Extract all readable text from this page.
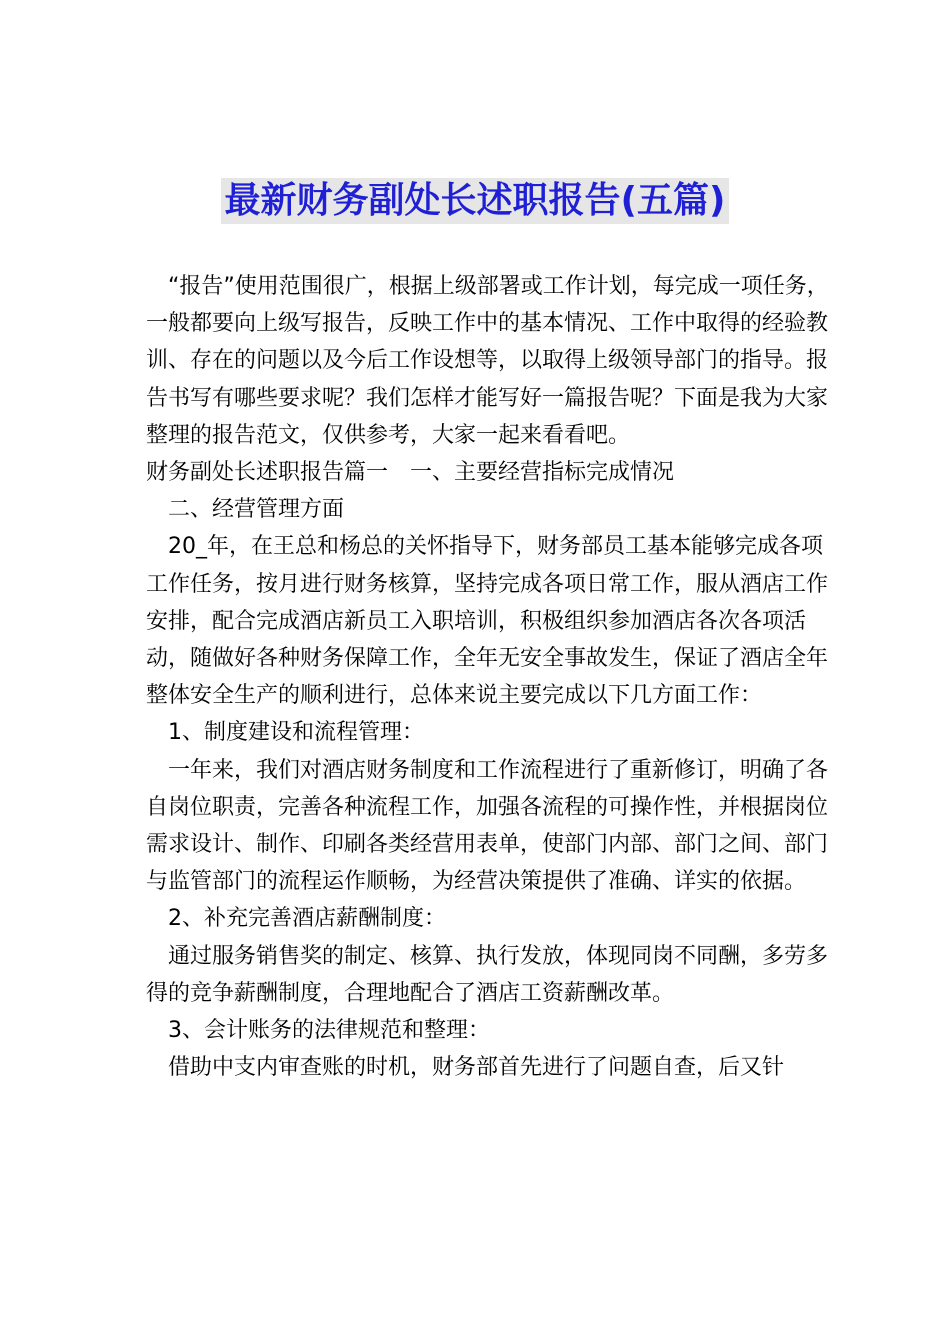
最新财务副处长述职报告(五篇)

“报告”使用范围很广，根据上级部署或工作计划，每完成一项任务，一般都要向上级写报告，反映工作中的基本情况、工作中取得的经验教训、存在的问题以及今后工作设想等，以取得上级领导部门的指导。报告书写有哪些要求呢？我们怎样才能写好一篇报告呢？下面是我为大家整理的报告范文，仅供参考，大家一起来看看吧。

财务副处长述职报告篇一　一、主要经营指标完成情况

二、经营管理方面

20_年，在王总和杨总的关怀指导下，财务部员工基本能够完成各项工作任务，按月进行财务核算，坚持完成各项日常工作，服从酒店工作安排，配合完成酒店新员工入职培训，积极组织参加酒店各次各项活动，随做好各种财务保障工作，全年无安全事故发生，保证了酒店全年整体安全生产的顺利进行，总体来说主要完成以下几方面工作：

1、制度建设和流程管理：

一年来，我们对酒店财务制度和工作流程进行了重新修订，明确了各自岗位职责，完善各种流程工作，加强各流程的可操作性，并根据岗位需求设计、制作、印刷各类经营用表单，使部门内部、部门之间、部门与监管部门的流程运作顺畅，为经营决策提供了准确、详实的依据。

2、补充完善酒店薪酬制度：

通过服务销售奖的制定、核算、执行发放，体现同岗不同酬，多劳多得的竞争薪酬制度，合理地配合了酒店工资薪酬改革。

3、会计账务的法律规范和整理：

借助中支内审查账的时机，财务部首先进行了问题自查，后又针
